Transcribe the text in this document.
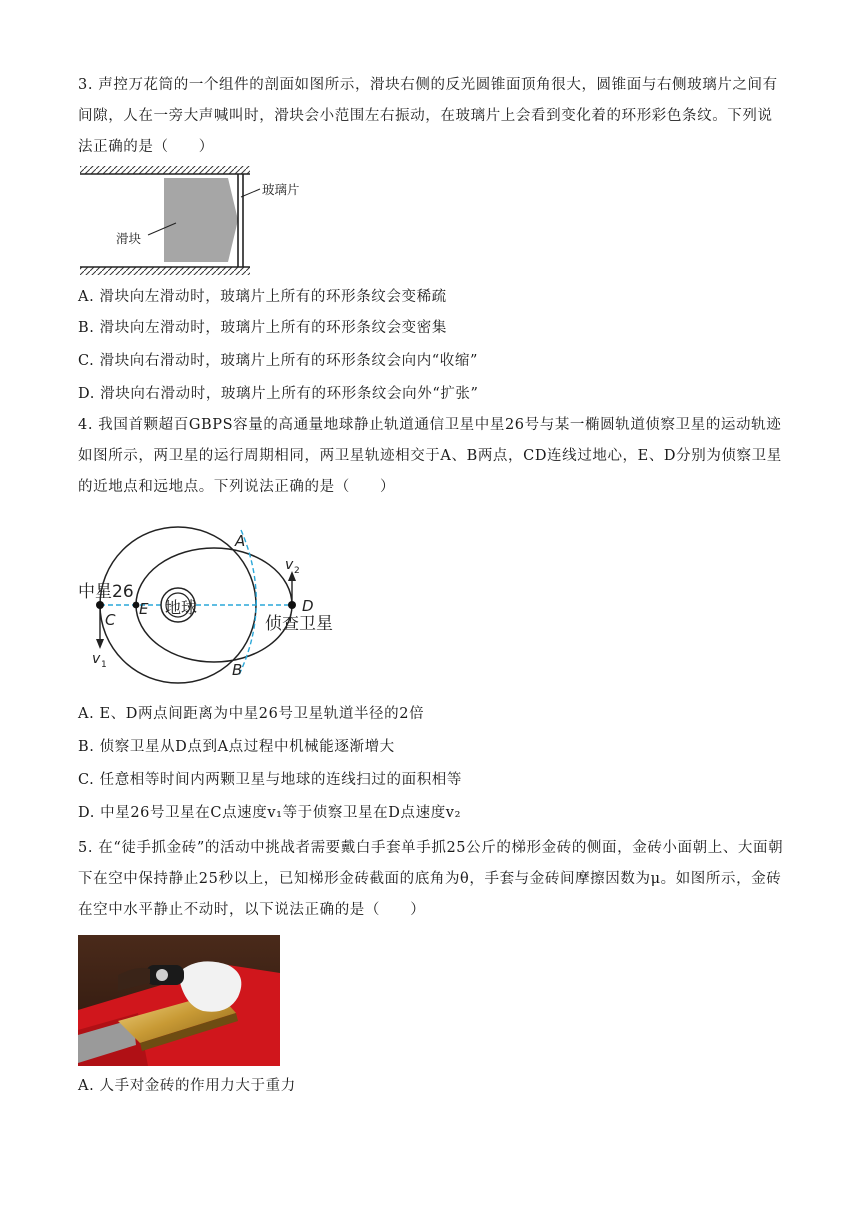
3. 声控万花筒的一个组件的剖面如图所示，滑块右侧的反光圆锥面顶角很大，圆锥面与右侧玻璃片之间有间隙，人在一旁大声喊叫时，滑块会小范围左右振动，在玻璃片上会看到变化着的环形彩色条纹。下列说法正确的是（　　）
玻璃片
滑块
A. 滑块向左滑动时，玻璃片上所有的环形条纹会变稀疏
B. 滑块向左滑动时，玻璃片上所有的环形条纹会变密集
C. 滑块向右滑动时，玻璃片上所有的环形条纹会向内“收缩”
D. 滑块向右滑动时，玻璃片上所有的环形条纹会向外“扩张”
4. 我国首颗超百GBPS容量的高通量地球静止轨道通信卫星中星26号与某一椭圆轨道侦察卫星的运动轨迹如图所示，两卫星的运行周期相同，两卫星轨迹相交于A、B两点，CD连线过地心，E、D分别为侦察卫星的近地点和远地点。下列说法正确的是（　　）
中星26
C
E 地球	D
侦查卫星
A
B
v 1
v 2
A. E、D两点间距离为中星26号卫星轨道半径的2倍
B. 侦察卫星从D点到A点过程中机械能逐渐增大
C. 任意相等时间内两颗卫星与地球的连线扫过的面积相等
D. 中星26号卫星在C点速度v₁等于侦察卫星在D点速度v₂
5. 在“徒手抓金砖”的活动中挑战者需要戴白手套单手抓25公斤的梯形金砖的侧面，金砖小面朝上、大面朝下在空中保持静止25秒以上，已知梯形金砖截面的底角为θ，手套与金砖间摩擦因数为μ。如图所示，金砖在空中水平静止不动时，以下说法正确的是（　　）
A. 人手对金砖的作用力大于重力
